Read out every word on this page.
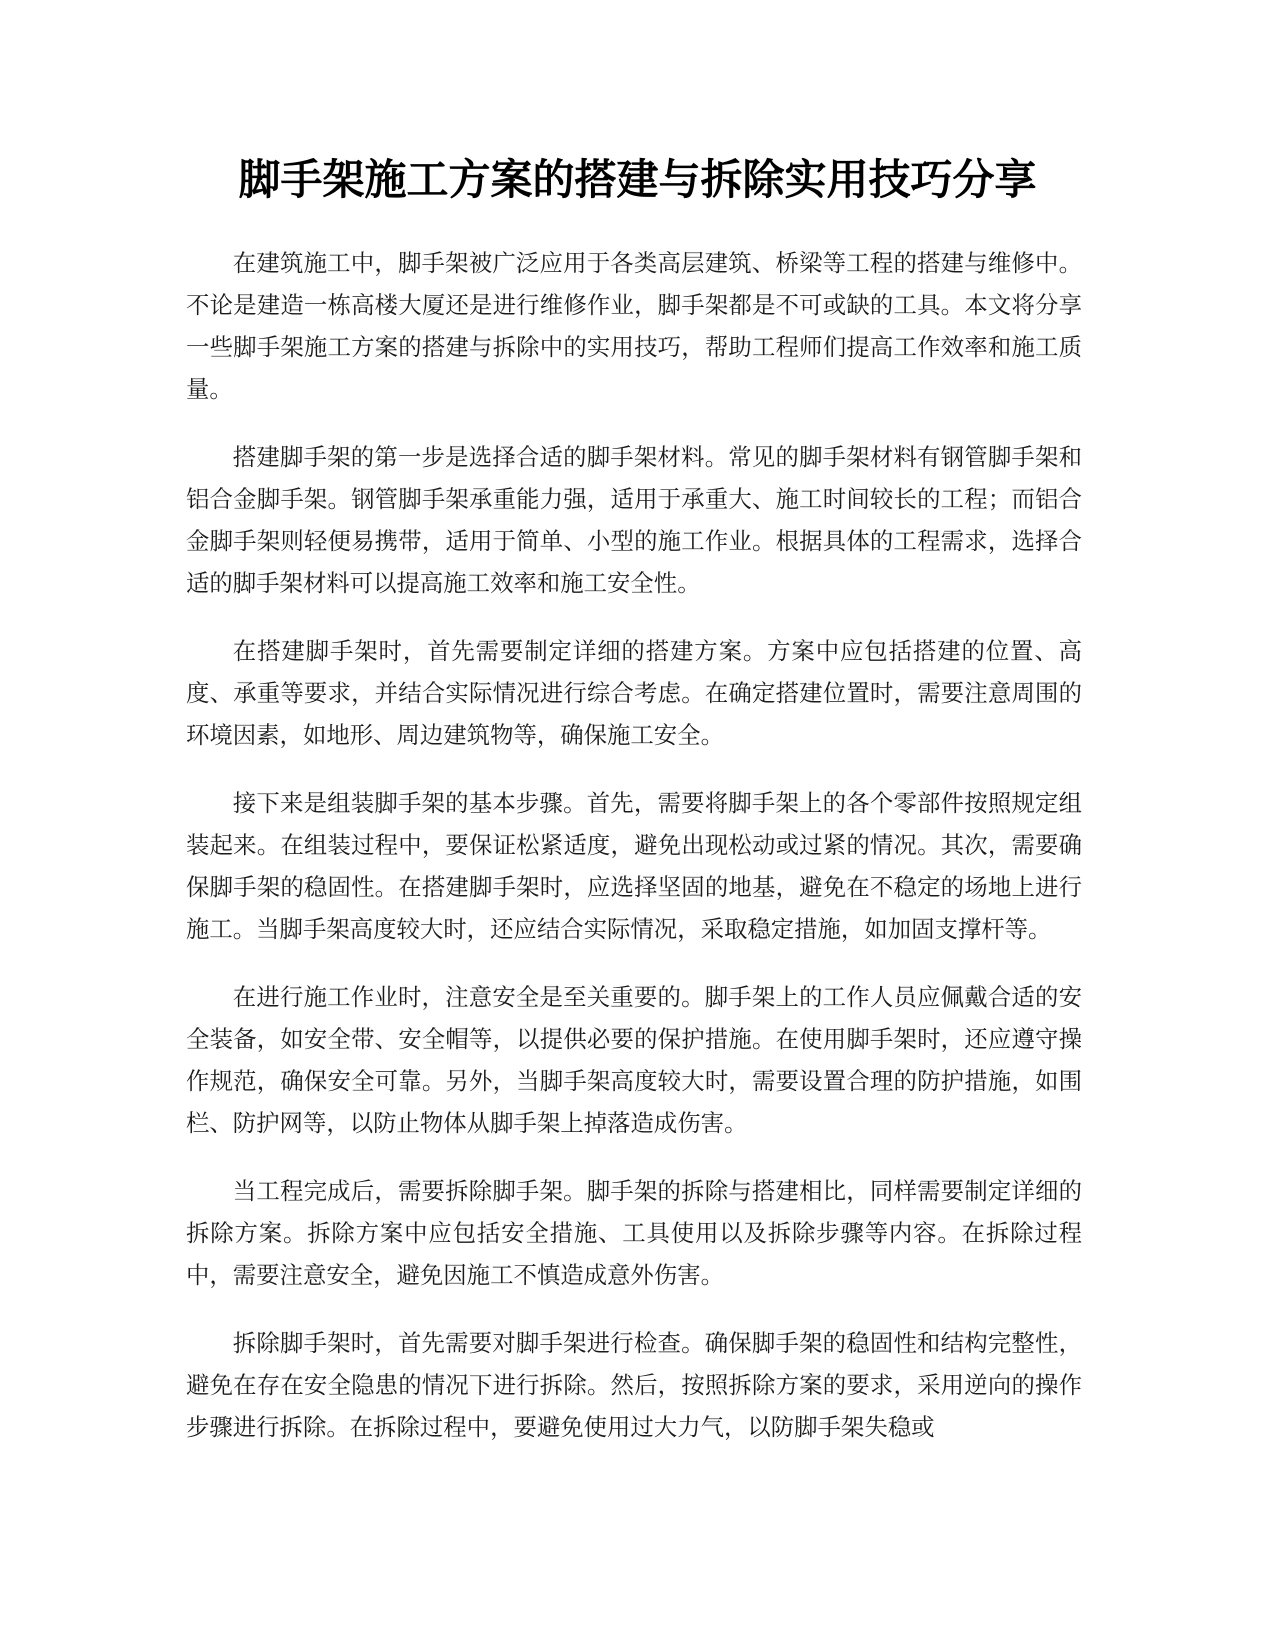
脚手架施工方案的搭建与拆除实用技巧分享

在建筑施工中，脚手架被广泛应用于各类高层建筑、桥梁等工程的搭建与维修中。不论是建造一栋高楼大厦还是进行维修作业，脚手架都是不可或缺的工具。本文将分享一些脚手架施工方案的搭建与拆除中的实用技巧，帮助工程师们提高工作效率和施工质量。

搭建脚手架的第一步是选择合适的脚手架材料。常见的脚手架材料有钢管脚手架和铝合金脚手架。钢管脚手架承重能力强，适用于承重大、施工时间较长的工程；而铝合金脚手架则轻便易携带，适用于简单、小型的施工作业。根据具体的工程需求，选择合适的脚手架材料可以提高施工效率和施工安全性。

在搭建脚手架时，首先需要制定详细的搭建方案。方案中应包括搭建的位置、高度、承重等要求，并结合实际情况进行综合考虑。在确定搭建位置时，需要注意周围的环境因素，如地形、周边建筑物等，确保施工安全。

接下来是组装脚手架的基本步骤。首先，需要将脚手架上的各个零部件按照规定组装起来。在组装过程中，要保证松紧适度，避免出现松动或过紧的情况。其次，需要确保脚手架的稳固性。在搭建脚手架时，应选择坚固的地基，避免在不稳定的场地上进行施工。当脚手架高度较大时，还应结合实际情况，采取稳定措施，如加固支撑杆等。

在进行施工作业时，注意安全是至关重要的。脚手架上的工作人员应佩戴合适的安全装备，如安全带、安全帽等，以提供必要的保护措施。在使用脚手架时，还应遵守操作规范，确保安全可靠。另外，当脚手架高度较大时，需要设置合理的防护措施，如围栏、防护网等，以防止物体从脚手架上掉落造成伤害。

当工程完成后，需要拆除脚手架。脚手架的拆除与搭建相比，同样需要制定详细的拆除方案。拆除方案中应包括安全措施、工具使用以及拆除步骤等内容。在拆除过程中，需要注意安全，避免因施工不慎造成意外伤害。

拆除脚手架时，首先需要对脚手架进行检查。确保脚手架的稳固性和结构完整性，避免在存在安全隐患的情况下进行拆除。然后，按照拆除方案的要求，采用逆向的操作步骤进行拆除。在拆除过程中，要避免使用过大力气，以防脚手架失稳或
